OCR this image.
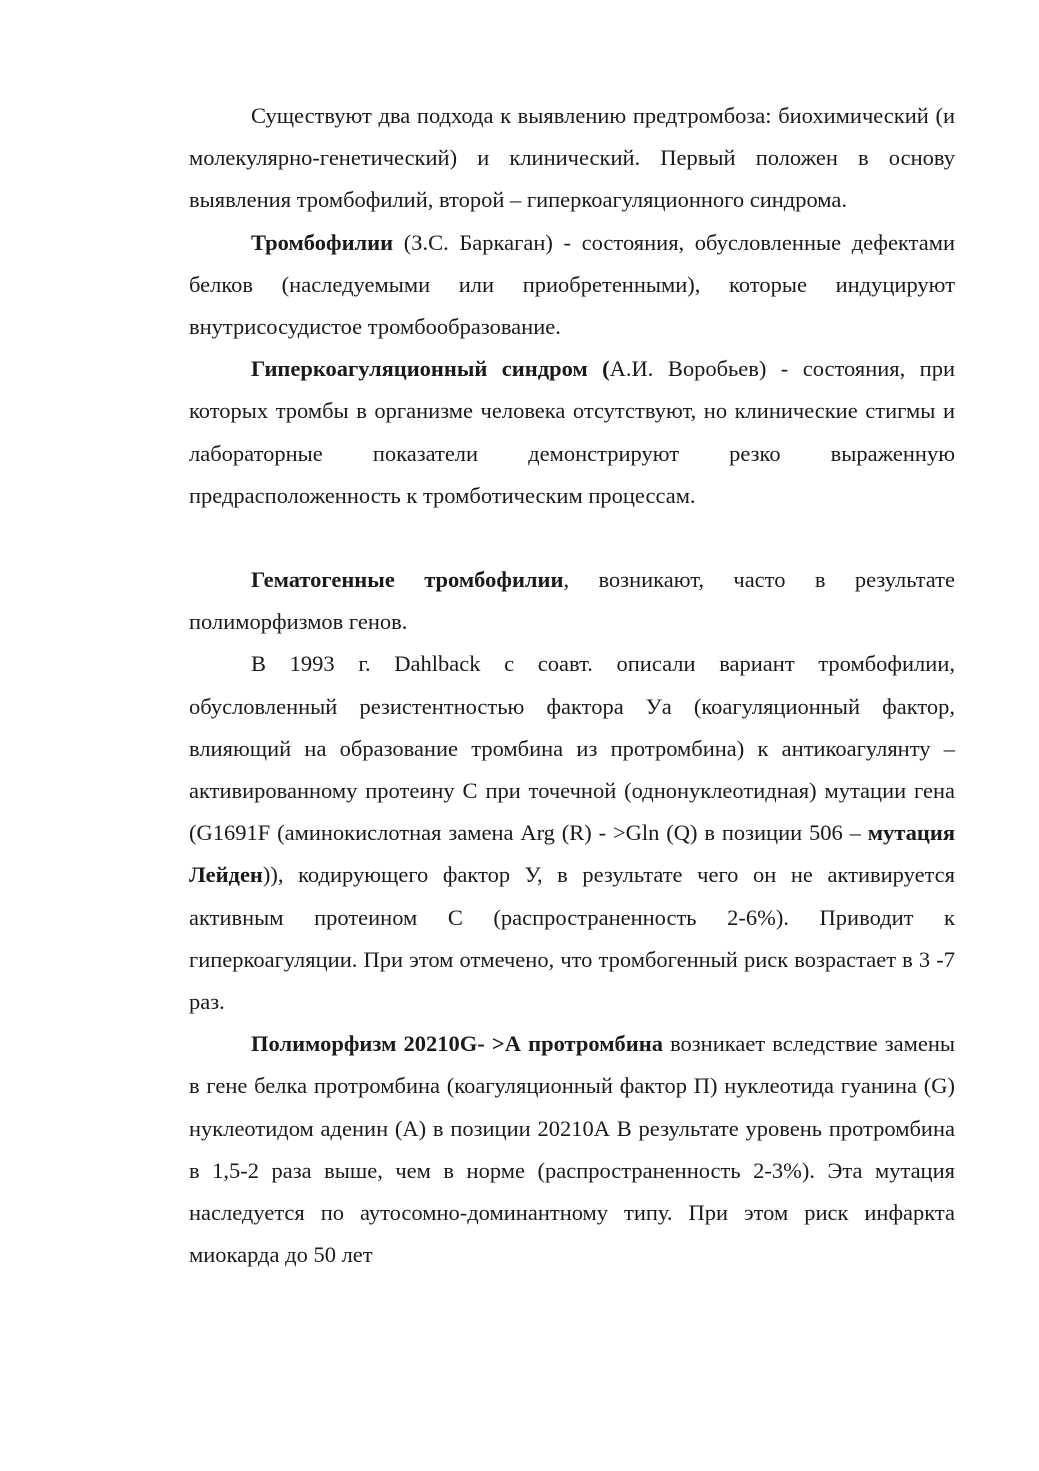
Существуют два подхода к выявлению предтромбоза: биохимический (и молекулярно-генетический) и клинический. Первый положен в основу выявления тромбофилий, второй – гиперкоагуляционного синдрома.

Тромбофилии (З.С. Баркаган) - состояния, обусловленные дефектами белков (наследуемыми или приобретенными), которые индуцируют внутрисосудистое тромбообразование.

Гиперкоагуляционный синдром (А.И. Воробьев) - состояния, при которых тромбы в организме человека отсутствуют, но клинические стигмы и лабораторные показатели демонстрируют резко выраженную предрасположенность к тромботическим процессам.

Гематогенные тромбофилии, возникают, часто в результате полиморфизмов генов.

В 1993 г. Dahlback с соавт. описали вариант тромбофилии, обусловленный резистентностью фактора Уа (коагуляционный фактор, влияющий на образование тромбина из протромбина) к антикоагулянту – активированному протеину С при точечной (однонуклеотидная) мутации гена (G1691F (аминокислотная замена Arg (R) - >Gln (Q) в позиции 506 – мутация Лейден)), кодирующего фактор У, в результате чего он не активируется активным протеином С (распространенность 2-6%). Приводит к гиперкоагуляции. При этом отмечено, что тромбогенный риск возрастает в 3 -7 раз.

Полиморфизм 20210G- >А протромбина возникает вследствие замены в гене белка протромбина (коагуляционный фактор П) нуклеотида гуанина (G) нуклеотидом аденин (А) в позиции 20210А В результате уровень протромбина в 1,5-2 раза выше, чем в норме (распространенность 2-3%). Эта мутация наследуется по аутосомно-доминантному типу. При этом риск инфаркта миокарда до 50 лет
